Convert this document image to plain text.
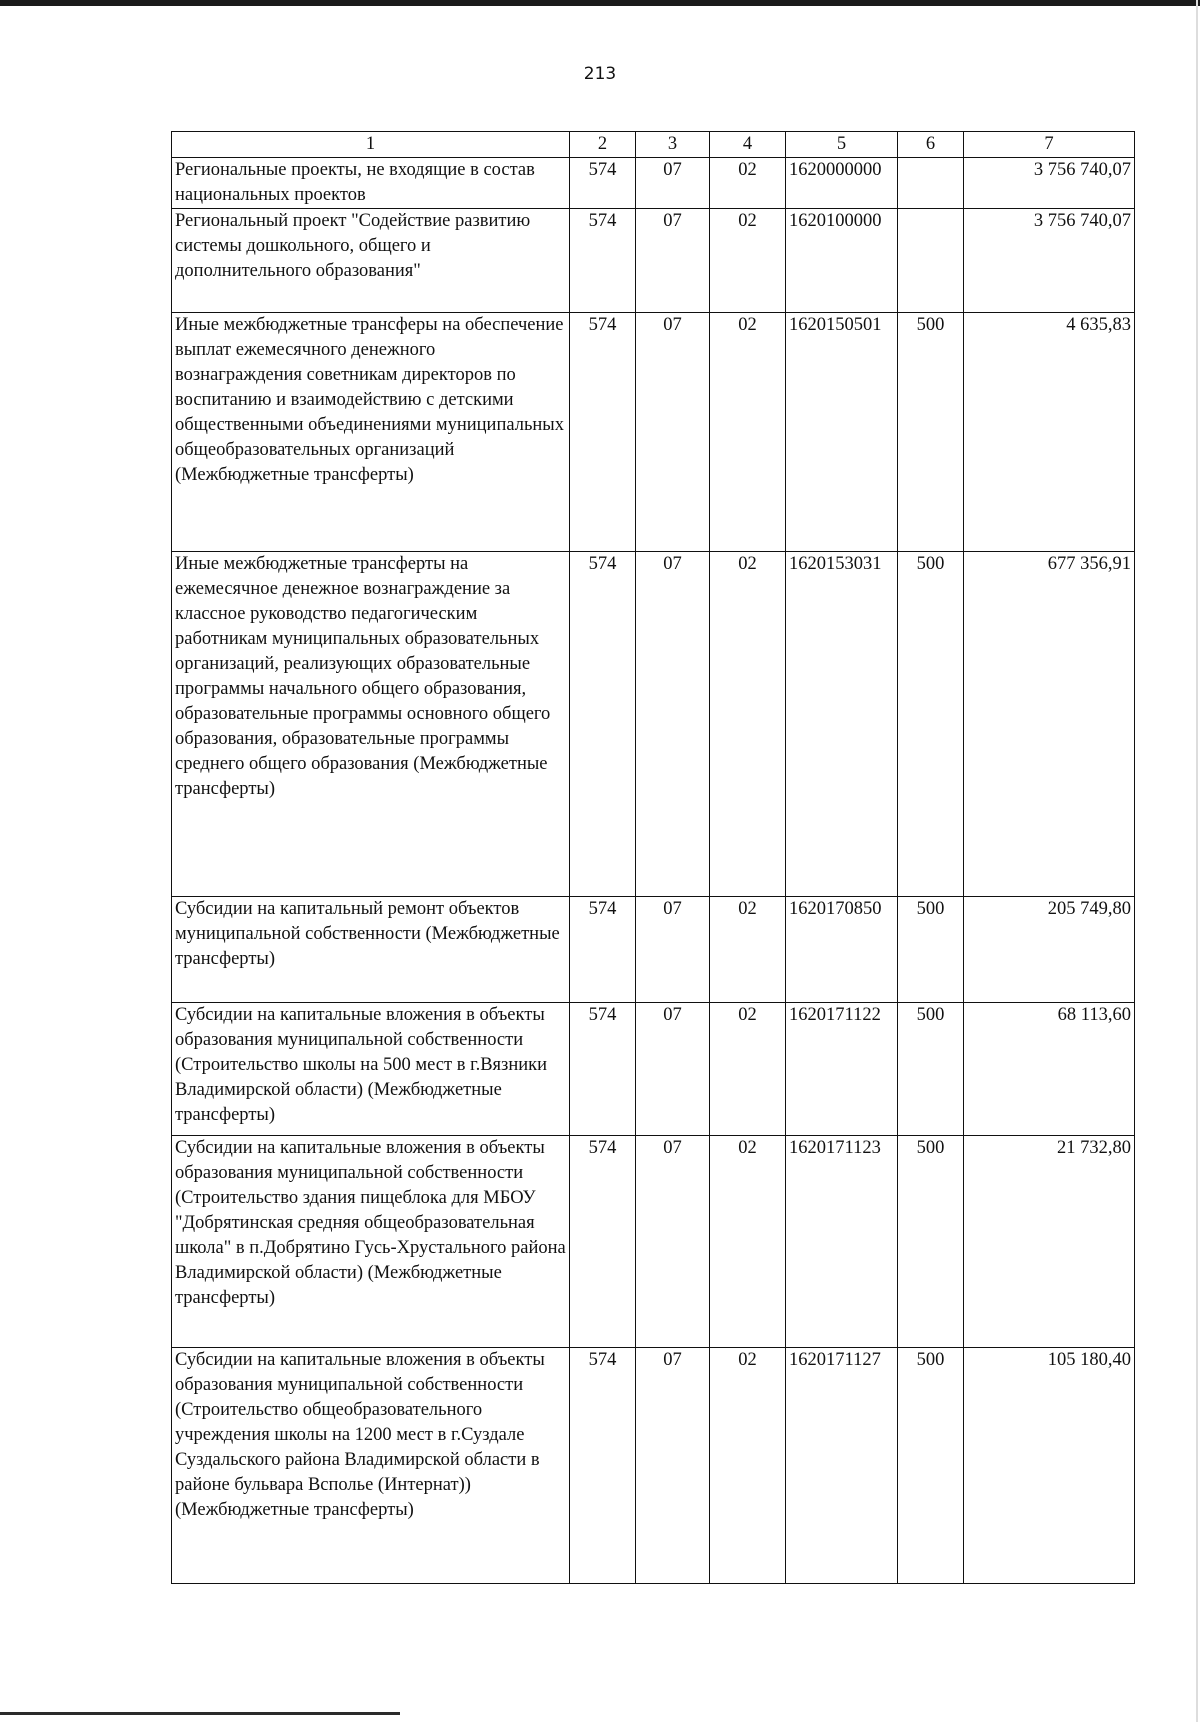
213
1	2	3	4	5	6	7
Региональные проекты, не входящие в состав национальных проектов	574	07	02	1620000000		3 756 740,07
Региональный проект "Содействие развитию системы дошкольного, общего и дополнительного образования"	574	07	02	1620100000		3 756 740,07
Иные межбюджетные трансферы на обеспечение выплат ежемесячного денежного вознаграждения советникам директоров по воспитанию и взаимодействию с детскими общественными объединениями муниципальных общеобразовательных организаций (Межбюджетные трансферты)	574	07	02	1620150501	500	4 635,83
Иные межбюджетные трансферты на ежемесячное денежное вознаграждение за классное руководство педагогическим работникам муниципальных образовательных организаций, реализующих образовательные программы начального общего образования, образовательные программы основного общего образования, образовательные программы среднего общего образования (Межбюджетные трансферты)	574	07	02	1620153031	500	677 356,91
Субсидии на капитальный ремонт объектов муниципальной собственности (Межбюджетные трансферты)	574	07	02	1620170850	500	205 749,80
Субсидии на капитальные вложения в объекты образования муниципальной собственности (Строительство школы на 500 мест в г.Вязники Владимирской области) (Межбюджетные трансферты)	574	07	02	1620171122	500	68 113,60
Субсидии на капитальные вложения в объекты образования муниципальной собственности (Строительство здания пищеблока для МБОУ "Добрятинская средняя общеобразовательная школа" в п.Добрятино Гусь-Хрустального района Владимирской области) (Межбюджетные трансферты)	574	07	02	1620171123	500	21 732,80
Субсидии на капитальные вложения в объекты образования муниципальной собственности (Строительство общеобразовательного учреждения школы на 1200 мест в г.Суздале Суздальского района Владимирской области в районе бульвара Всполье (Интернат)) (Межбюджетные трансферты)	574	07	02	1620171127	500	105 180,40
